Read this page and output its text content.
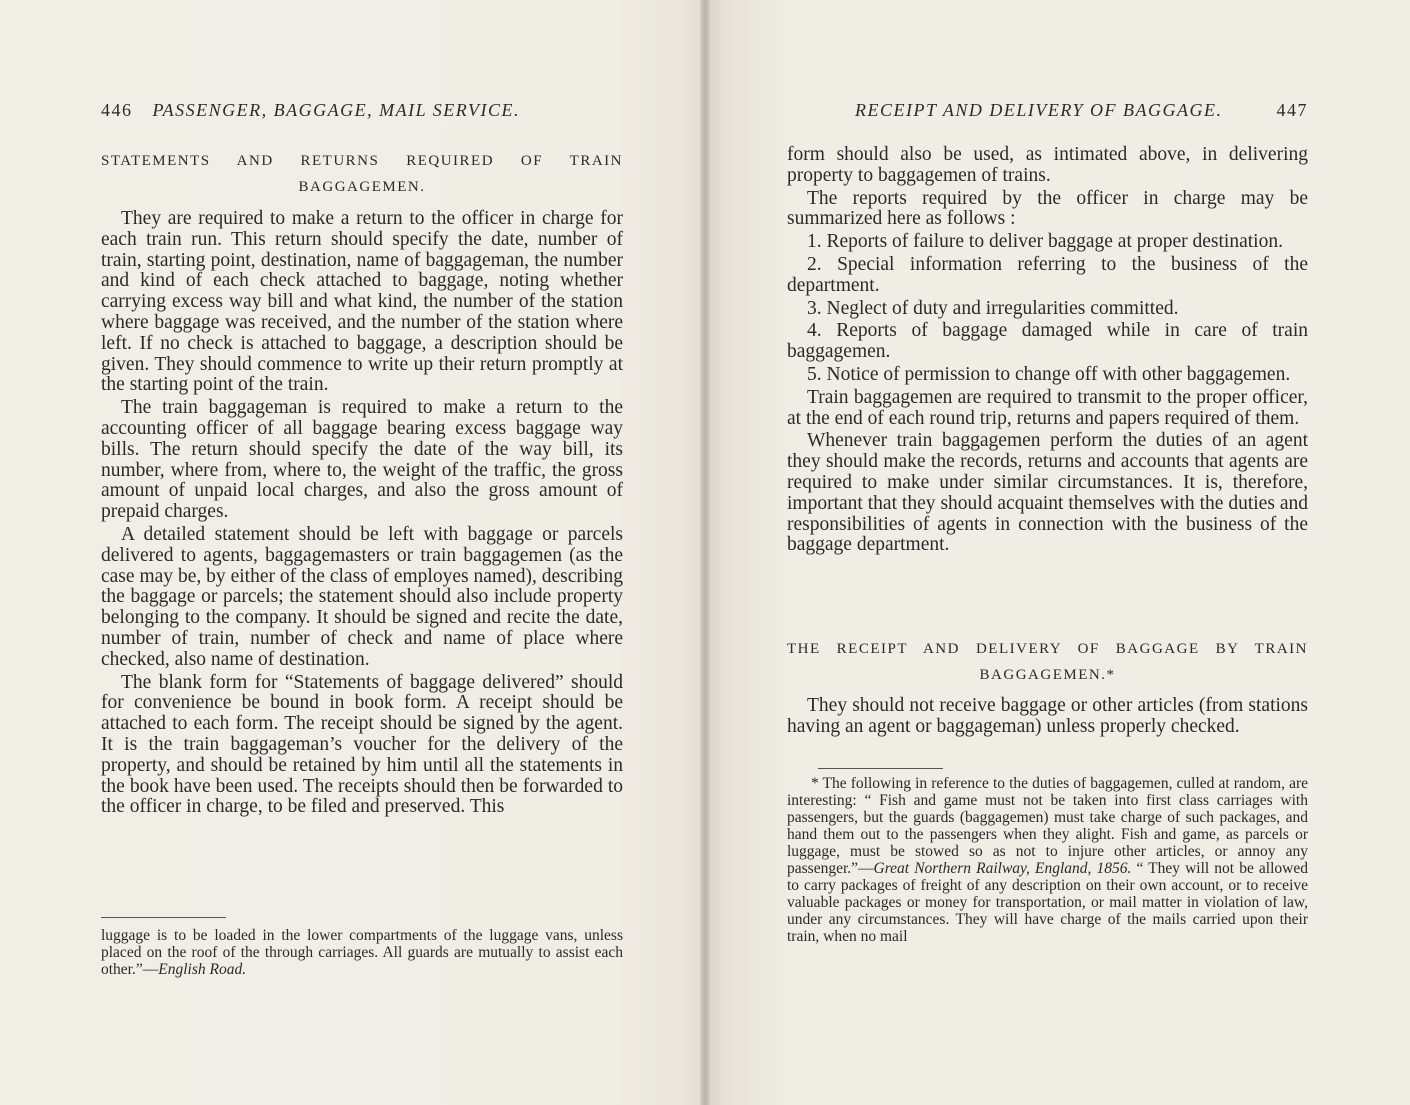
446 PASSENGER, BAGGAGE, MAIL SERVICE.
STATEMENTS AND RETURNS REQUIRED OF TRAIN
BAGGAGEMEN.

They are required to make a return to the officer in charge for each train run. This return should specify the date, number of train, starting point, destination, name of baggageman, the number and kind of each check attached to baggage, noting whether carrying excess way bill and what kind, the number of the station where baggage was received, and the number of the station where left. If no check is attached to baggage, a description should be given. They should commence to write up their return promptly at the starting point of the train.

The train baggageman is required to make a return to the accounting officer of all baggage bearing excess baggage way bills. The return should specify the date of the way bill, its number, where from, where to, the weight of the traffic, the gross amount of unpaid local charges, and also the gross amount of prepaid charges.

A detailed statement should be left with baggage or parcels delivered to agents, baggagemasters or train baggagemen (as the case may be, by either of the class of employes named), describing the baggage or parcels; the statement should also include property belonging to the company. It should be signed and recite the date, number of train, number of check and name of place where checked, also name of destination.

The blank form for “Statements of baggage delivered” should for convenience be bound in book form. A receipt should be attached to each form. The receipt should be signed by the agent. It is the train baggageman’s voucher for the delivery of the property, and should be retained by him until all the statements in the book have been used. The receipts should then be forwarded to the officer in charge, to be filed and preserved. This

luggage is to be loaded in the lower compartments of the luggage vans, unless placed on the roof of the through carriages. All guards are mutually to assist each other.”—English Road.

RECEIPT AND DELIVERY OF BAGGAGE.	447

form should also be used, as intimated above, in delivering property to baggagemen of trains.

The reports required by the officer in charge may be summarized here as follows :

1. Reports of failure to deliver baggage at proper destination.

2. Special information referring to the business of the department.

3. Neglect of duty and irregularities committed.

4. Reports of baggage damaged while in care of train baggagemen.

5. Notice of permission to change off with other baggagemen.

Train baggagemen are required to transmit to the proper officer, at the end of each round trip, returns and papers required of them.

Whenever train baggagemen perform the duties of an agent they should make the records, returns and accounts that agents are required to make under similar circumstances. It is, therefore, important that they should acquaint themselves with the duties and responsibilities of agents in connection with the business of the baggage department.

THE RECEIPT AND DELIVERY OF BAGGAGE BY TRAIN
BAGGAGEMEN.*

They should not receive baggage or other articles (from stations having an agent or baggageman) unless properly checked.

* The following in reference to the duties of baggagemen, culled at random, are interesting: “ Fish and game must not be taken into first class carriages with passengers, but the guards (baggagemen) must take charge of such packages, and hand them out to the passengers when they alight. Fish and game, as parcels or luggage, must be stowed so as not to injure other articles, or annoy any passenger.”—Great Northern Railway, England, 1856. “ They will not be allowed to carry packages of freight of any description on their own account, or to receive valuable packages or money for transportation, or mail matter in violation of law, under any circumstances. They will have charge of the mails carried upon their train, when no mail
